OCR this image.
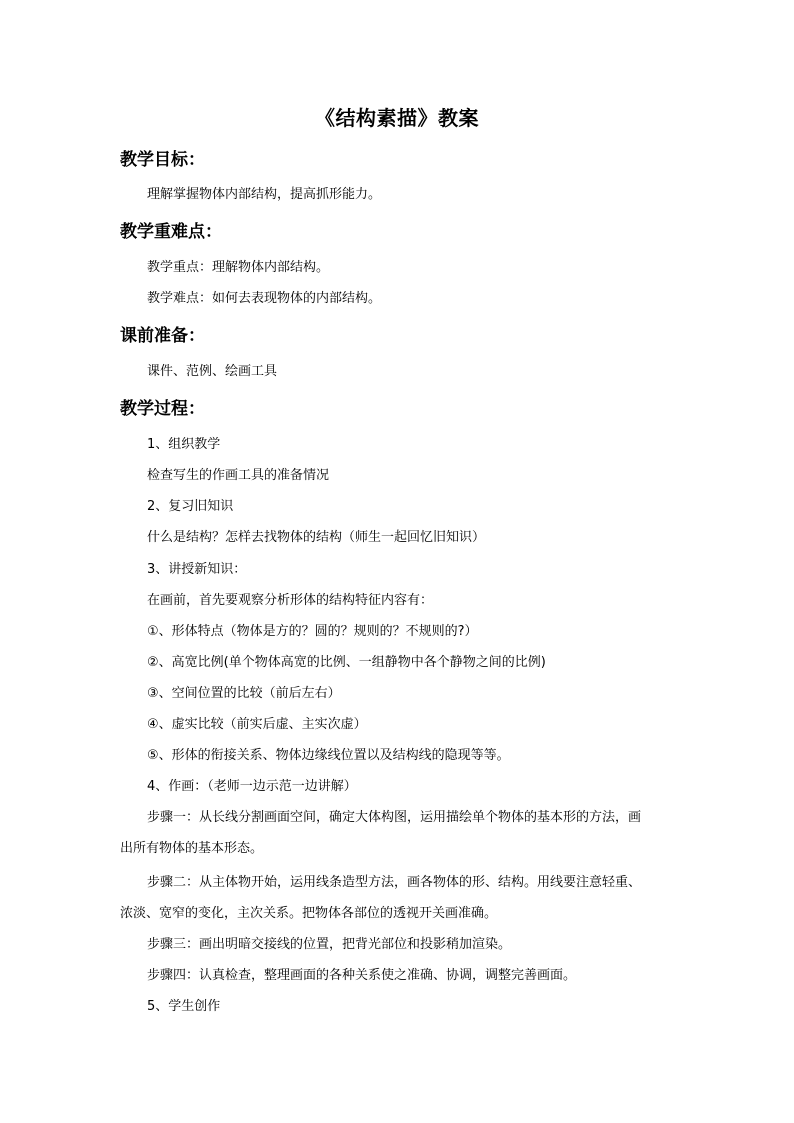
《结构素描》教案
教学目标：
理解掌握物体内部结构，提高抓形能力。
教学重难点：
教学重点：理解物体内部结构。
教学难点：如何去表现物体的内部结构。
课前准备：
课件、范例、绘画工具
教学过程：
1、组织教学
检查写生的作画工具的准备情况
2、复习旧知识
什么是结构？怎样去找物体的结构（师生一起回忆旧知识）
3、讲授新知识：
在画前，首先要观察分析形体的结构特征内容有：
①、形体特点（物体是方的？圆的？规则的？不规则的?）
②、高宽比例(单个物体高宽的比例、一组静物中各个静物之间的比例)
③、空间位置的比较（前后左右）
④、虚实比较（前实后虚、主实次虚）
⑤、形体的衔接关系、物体边缘线位置以及结构线的隐现等等。
4、作画：（老师一边示范一边讲解）
步骤一：从长线分割画面空间，确定大体构图，运用描绘单个物体的基本形的方法，画
出所有物体的基本形态。
步骤二：从主体物开始，运用线条造型方法，画各物体的形、结构。用线要注意轻重、
浓淡、宽窄的变化，主次关系。把物体各部位的透视开关画准确。
步骤三：画出明暗交接线的位置，把背光部位和投影稍加渲染。
步骤四：认真检查，整理画面的各种关系使之准确、协调，调整完善画面。
5、学生创作
